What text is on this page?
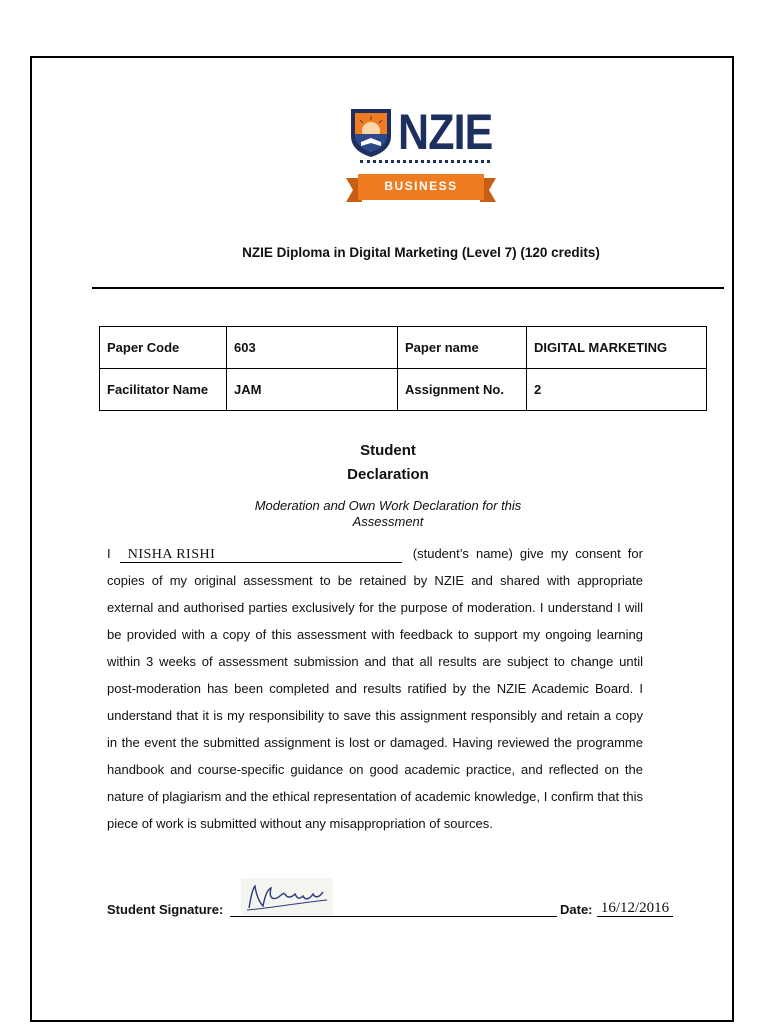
NZIE
BUSINESS
NZIE Diploma in Digital Marketing (Level 7) (120 credits)
Paper Code	603	Paper name	DIGITAL MARKETING
Facilitator Name	JAM	Assignment No.	2
Student
Declaration
Moderation and Own Work Declaration for this Assessment
I NISHA RISHI	(student’s name) give my consent for copies of my original assessment to be retained by NZIE and shared with appropriate external and authorised parties exclusively for the purpose of moderation. I understand I will be provided with a copy of this assessment with feedback to support my ongoing learning within 3 weeks of assessment submission and that all results are subject to change until post-moderation has been completed and results ratified by the NZIE Academic Board. I understand that it is my responsibility to save this assignment responsibly and retain a copy in the event the submitted assignment is lost or damaged. Having reviewed the programme handbook and course-specific guidance on good academic practice, and reflected on the nature of plagiarism and the ethical representation of academic knowledge, I confirm that this piece of work is submitted without any misappropriation of sources.
Student Signature:	Date: 16/12/2016
